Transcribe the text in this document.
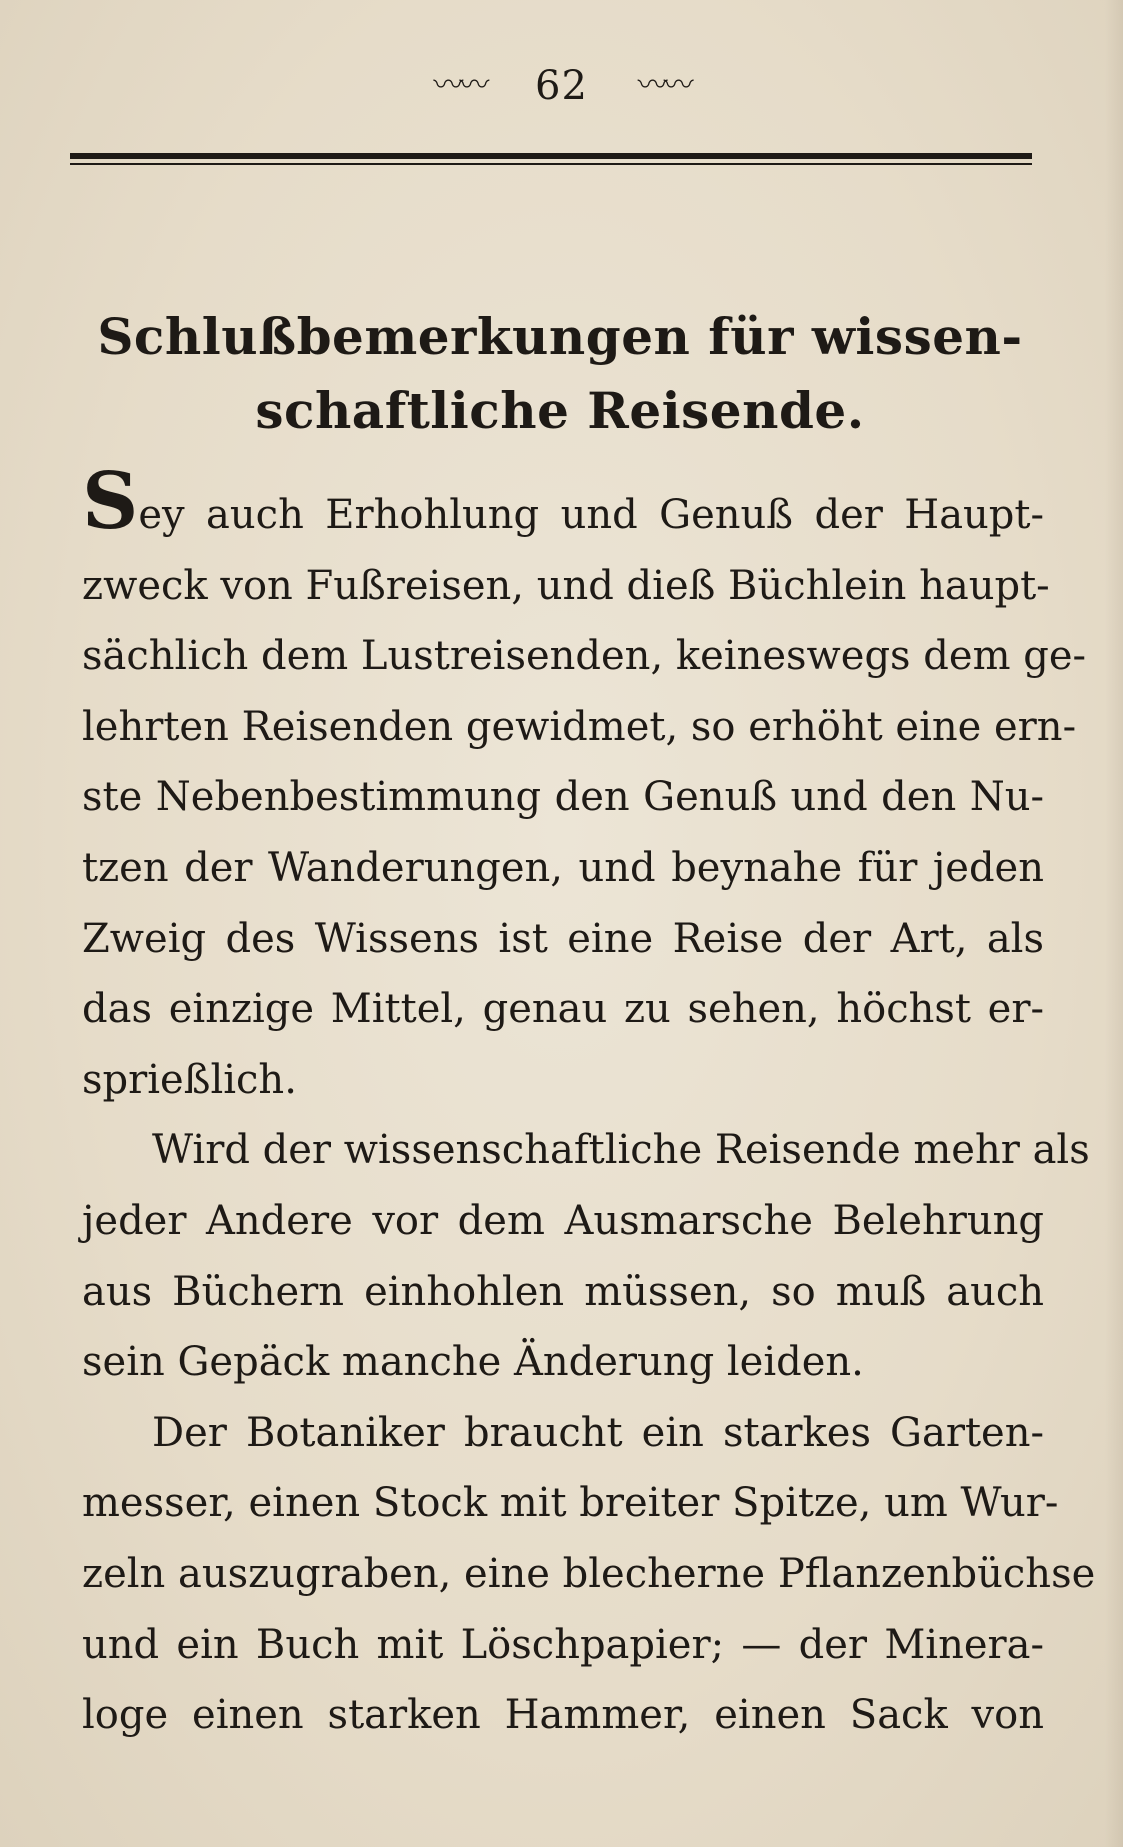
〰〰 62 〰〰
Schlußbemerkungen für wissen-
schaftliche Reisende.
Sey auch Erhohlung und Genuß der Haupt-
zweck von Fußreisen, und dieß Büchlein haupt-
sächlich dem Lustreisenden, keineswegs dem ge-
lehrten Reisenden gewidmet, so erhöht eine ern-
ste Nebenbestimmung den Genuß und den Nu-
tzen der Wanderungen, und beynahe für jeden
Zweig des Wissens ist eine Reise der Art, als
das einzige Mittel, genau zu sehen, höchst er-
sprießlich.
Wird der wissenschaftliche Reisende mehr als
jeder Andere vor dem Ausmarsche Belehrung
aus Büchern einhohlen müssen, so muß auch
sein Gepäck manche Änderung leiden.
Der Botaniker braucht ein starkes Garten-
messer, einen Stock mit breiter Spitze, um Wur-
zeln auszugraben, eine blecherne Pflanzenbüchse
und ein Buch mit Löschpapier; — der Minera-
loge einen starken Hammer, einen Sack von
